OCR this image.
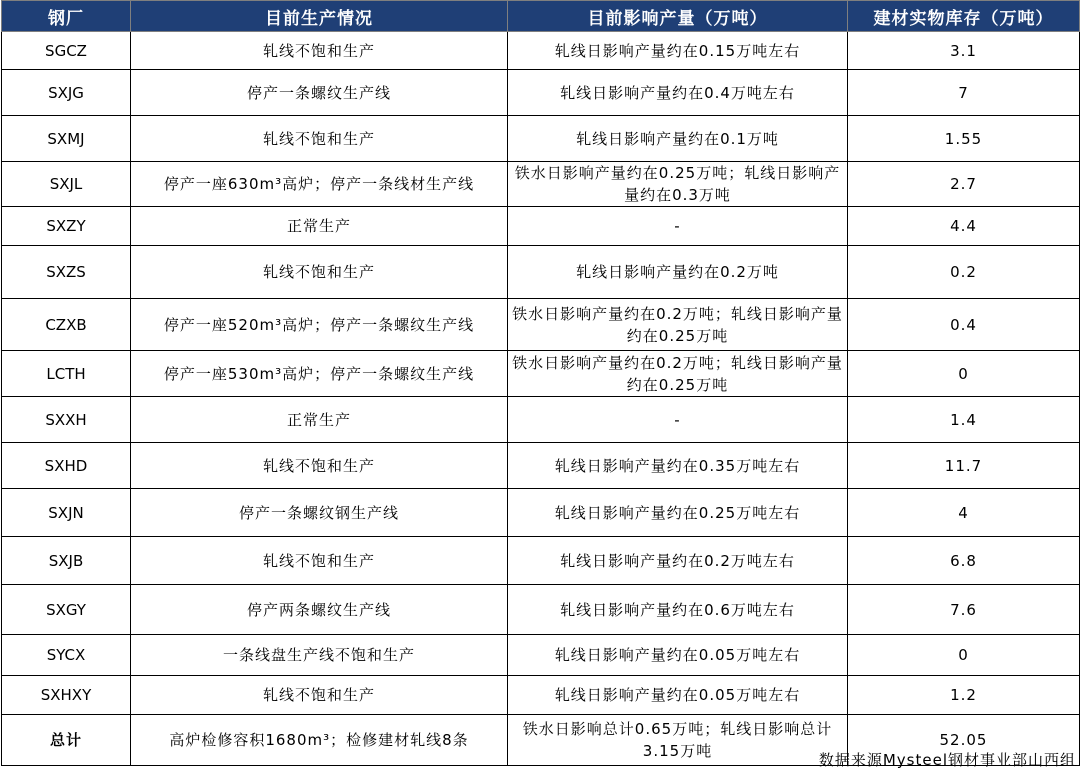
钢厂	目前生产情况	目前影响产量（万吨）	建材实物库存（万吨）
SGCZ	轧线不饱和生产	轧线日影响产量约在0.15万吨左右	3.1
SXJG	停产一条螺纹生产线	轧线日影响产量约在0.4万吨左右	7
SXMJ	轧线不饱和生产	轧线日影响产量约在0.1万吨	1.55
SXJL	停产一座630m³高炉；停产一条线材生产线	铁水日影响产量约在0.25万吨；轧线日影响产量约在0.3万吨	2.7
SXZY	正常生产	-	4.4
SXZS	轧线不饱和生产	轧线日影响产量约在0.2万吨	0.2
CZXB	停产一座520m³高炉；停产一条螺纹生产线	铁水日影响产量约在0.2万吨；轧线日影响产量约在0.25万吨	0.4
LCTH	停产一座530m³高炉；停产一条螺纹生产线	铁水日影响产量约在0.2万吨；轧线日影响产量约在0.25万吨	0
SXXH	正常生产	-	1.4
SXHD	轧线不饱和生产	轧线日影响产量约在0.35万吨左右	11.7
SXJN	停产一条螺纹钢生产线	轧线日影响产量约在0.25万吨左右	4
SXJB	轧线不饱和生产	轧线日影响产量约在0.2万吨左右	6.8
SXGY	停产两条螺纹生产线	轧线日影响产量约在0.6万吨左右	7.6
SYCX	一条线盘生产线不饱和生产	轧线日影响产量约在0.05万吨左右	0
SXHXY	轧线不饱和生产	轧线日影响产量约在0.05万吨左右	1.2
总计	高炉检修容积1680m³；检修建材轧线8条	铁水日影响总计0.65万吨；轧线日影响总计3.15万吨	52.05
数据来源Mysteel钢材事业部山西组
